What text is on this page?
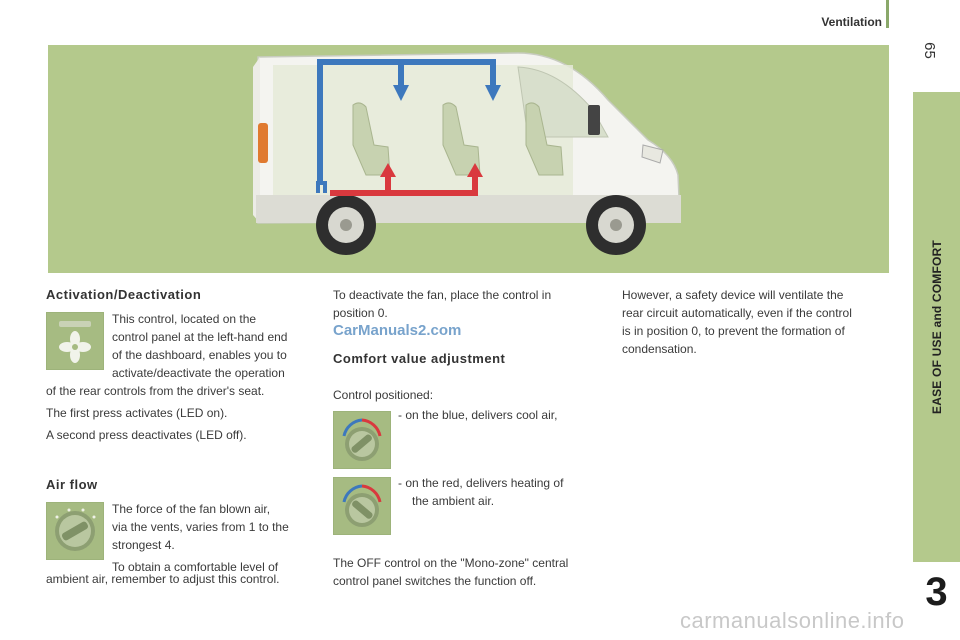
Ventilation
65
EASE OF USE and COMFORT
3
Activation/Deactivation
This control, located on the
control panel at the left-hand end
of the dashboard, enables you to
activate/deactivate the operation
of the rear controls from the driver's seat.
The first press activates (LED on).
A second press deactivates (LED off).
Air flow
The force of the fan blown air,
via the vents, varies from 1 to the
strongest 4.
To obtain a comfortable level of
ambient air, remember to adjust this control.
To deactivate the fan, place the control in
position 0.
CarManuals2.com
Comfort value adjustment
Control positioned:
- on the blue, delivers cool air,
- on the red, delivers heating of
the ambient air.
The OFF control on the "Mono-zone" central
control panel switches the function off.
However, a safety device will ventilate the
rear circuit automatically, even if the control
is in position 0, to prevent the formation of
condensation.
carmanualsonline.info
